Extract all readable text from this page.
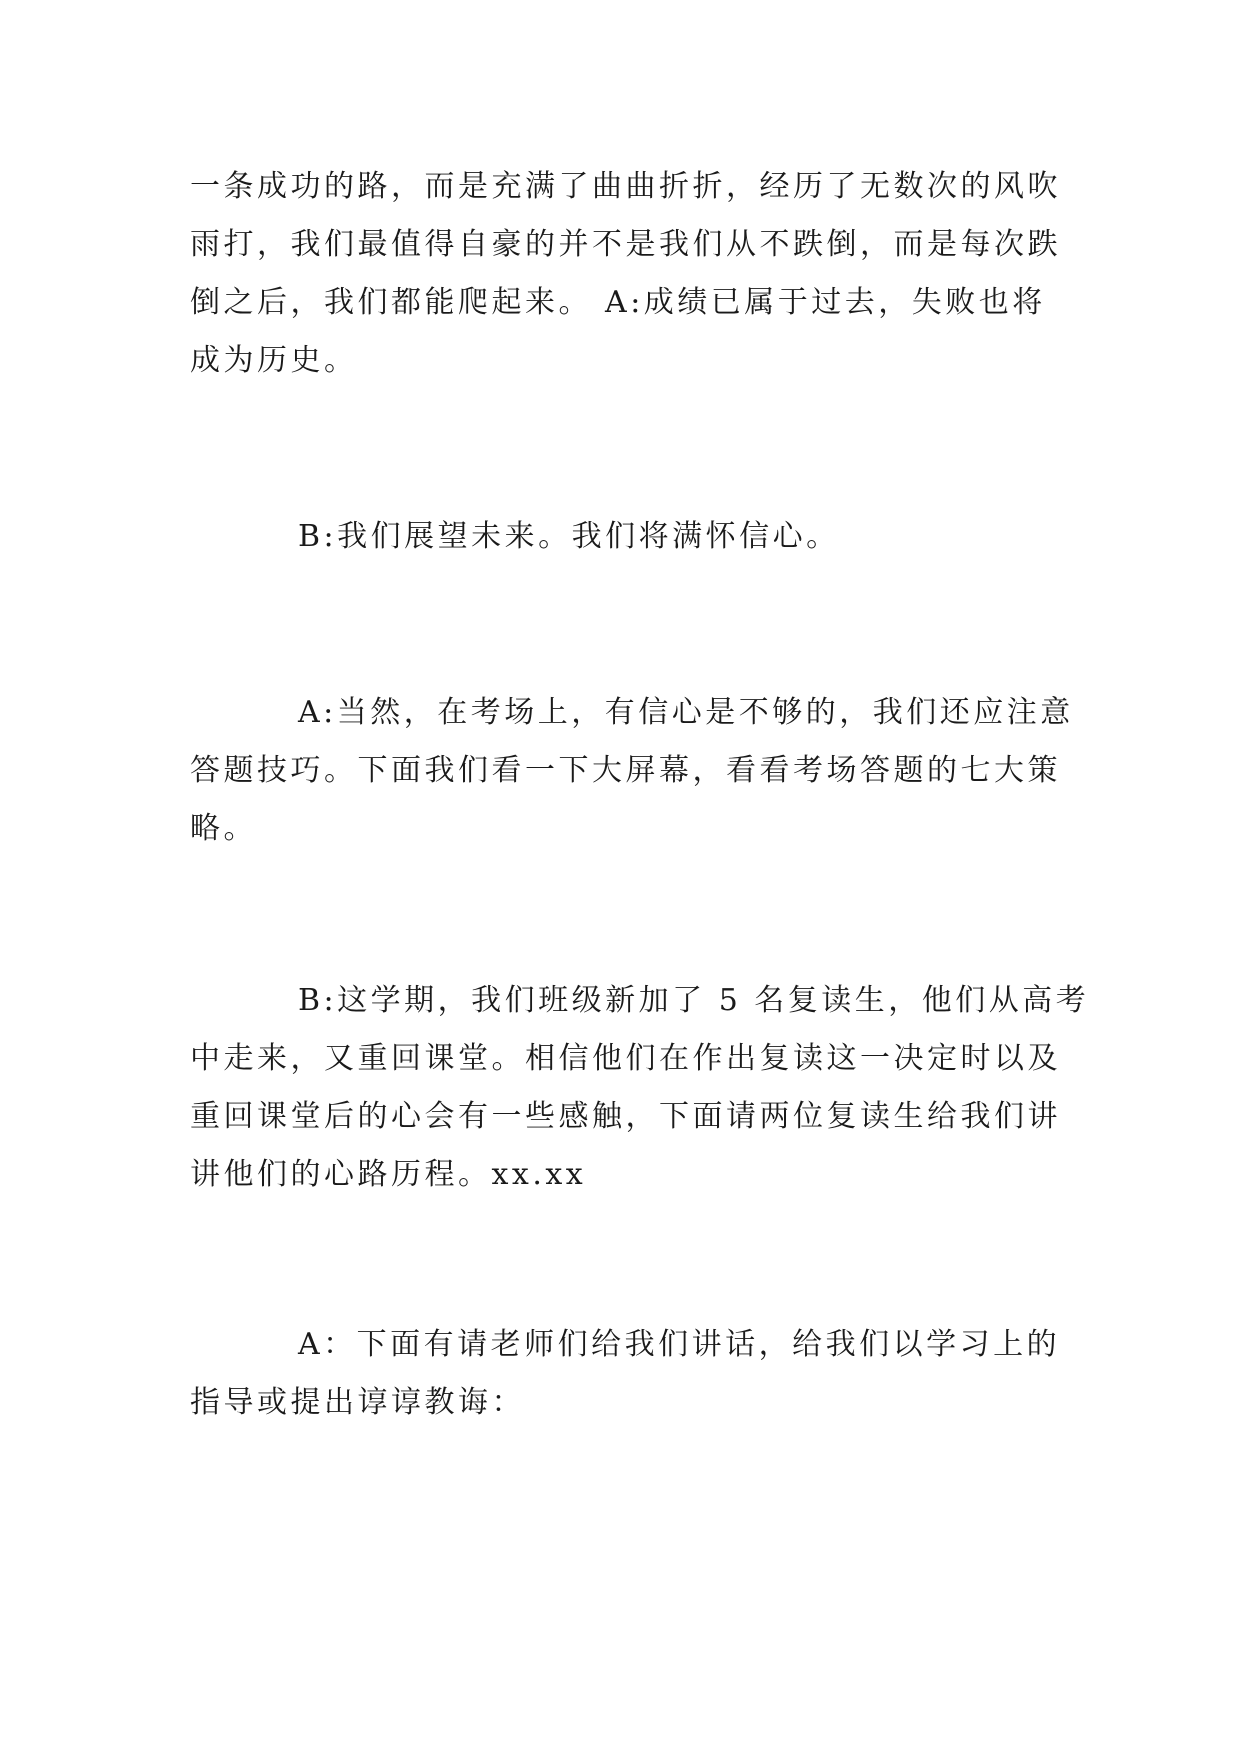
一条成功的路，而是充满了曲曲折折，经历了无数次的风吹
雨打，我们最值得自豪的并不是我们从不跌倒，而是每次跌
倒之后，我们都能爬起来。 A:成绩已属于过去，失败也将
成为历史。
B:我们展望未来。我们将满怀信心。
A:当然，在考场上，有信心是不够的，我们还应注意
答题技巧。下面我们看一下大屏幕，看看考场答题的七大策
略。
B:这学期，我们班级新加了 5 名复读生，他们从高考
中走来，又重回课堂。相信他们在作出复读这一决定时以及
重回课堂后的心会有一些感触，下面请两位复读生给我们讲
讲他们的心路历程。xx.xx
A：下面有请老师们给我们讲话，给我们以学习上的
指导或提出谆谆教诲：
